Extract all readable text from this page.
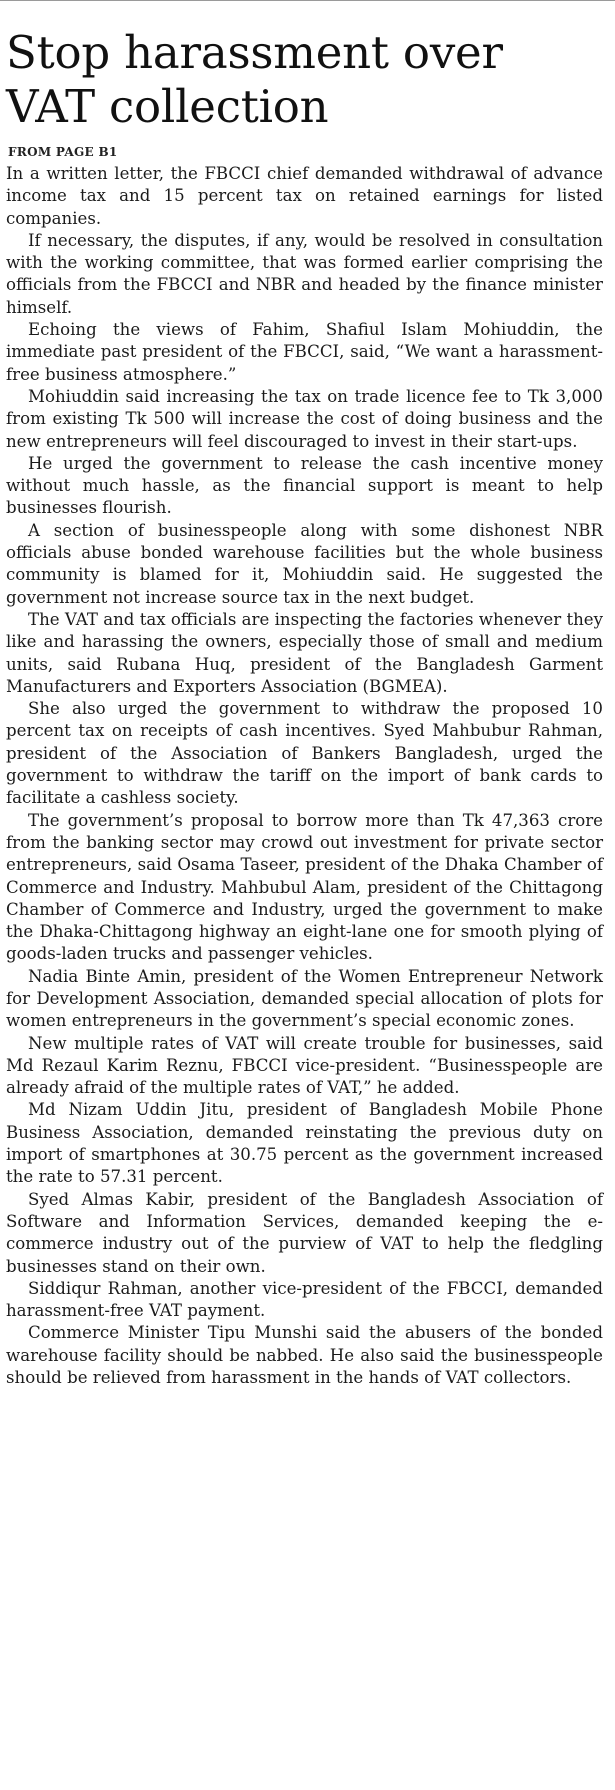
Stop harassment over VAT collection
FROM PAGE B1

In a written letter, the FBCCI chief demanded withdrawal of advance income tax and 15 percent tax on retained earnings for listed companies.

If necessary, the disputes, if any, would be resolved in consultation with the working committee, that was formed earlier comprising the officials from the FBCCI and NBR and headed by the finance minister himself.

Echoing the views of Fahim, Shafiul Islam Mohiuddin, the immediate past president of the FBCCI, said, “We want a harassment-free business atmosphere.”

Mohiuddin said increasing the tax on trade licence fee to Tk 3,000 from existing Tk 500 will increase the cost of doing business and the new entrepreneurs will feel discouraged to invest in their start-ups.

He urged the government to release the cash incentive money without much hassle, as the financial support is meant to help businesses flourish.

A section of businesspeople along with some dishonest NBR officials abuse bonded warehouse facilities but the whole business community is blamed for it, Mohiuddin said. He suggested the government not increase source tax in the next budget.

The VAT and tax officials are inspecting the factories whenever they like and harassing the owners, especially those of small and medium units, said Rubana Huq, president of the Bangladesh Garment Manufacturers and Exporters Association (BGMEA).

She also urged the government to withdraw the proposed 10 percent tax on receipts of cash incentives. Syed Mahbubur Rahman, president of the Association of Bankers Bangladesh, urged the government to withdraw the tariff on the import of bank cards to facilitate a cashless society.

The government’s proposal to borrow more than Tk 47,363 crore from the banking sector may crowd out investment for private sector entrepreneurs, said Osama Taseer, president of the Dhaka Chamber of Commerce and Industry. Mahbubul Alam, president of the Chittagong Chamber of Commerce and Industry, urged the government to make the Dhaka-Chittagong highway an eight-lane one for smooth plying of goods-laden trucks and passenger vehicles.

Nadia Binte Amin, president of the Women Entrepreneur Network for Development Association, demanded special allocation of plots for women entrepreneurs in the government’s special economic zones.

New multiple rates of VAT will create trouble for businesses, said Md Rezaul Karim Reznu, FBCCI vice-president. “Businesspeople are already afraid of the multiple rates of VAT,” he added.

Md Nizam Uddin Jitu, president of Bangladesh Mobile Phone Business Association, demanded reinstating the previous duty on import of smartphones at 30.75 percent as the government increased the rate to 57.31 percent.

Syed Almas Kabir, president of the Bangladesh Association of Software and Information Services, demanded keeping the e-commerce industry out of the purview of VAT to help the fledgling businesses stand on their own.

Siddiqur Rahman, another vice-president of the FBCCI, demanded harassment-free VAT payment.

Commerce Minister Tipu Munshi said the abusers of the bonded warehouse facility should be nabbed. He also said the businesspeople should be relieved from harassment in the hands of VAT collectors.
